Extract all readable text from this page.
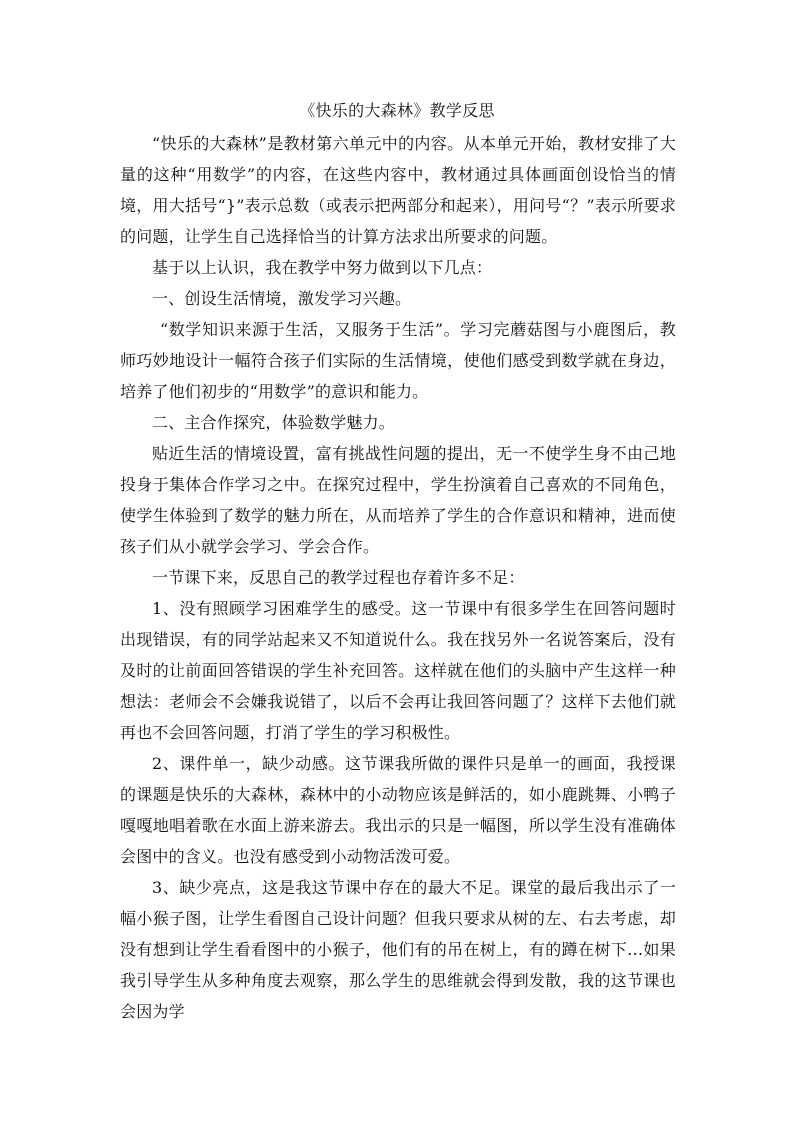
《快乐的大森林》教学反思

“快乐的大森林”是教材第六单元中的内容。从本单元开始，教材安排了大量的这种“用数学”的内容，在这些内容中，教材通过具体画面创设恰当的情境，用大括号“}”表示总数（或表示把两部分和起来），用问号“？”表示所要求的问题，让学生自己选择恰当的计算方法求出所要求的问题。

基于以上认识，我在教学中努力做到以下几点：

一、创设生活情境，激发学习兴趣。

“数学知识来源于生活，又服务于生活”。学习完蘑菇图与小鹿图后，教师巧妙地设计一幅符合孩子们实际的生活情境，使他们感受到数学就在身边，培养了他们初步的“用数学”的意识和能力。

二、主合作探究，体验数学魅力。

贴近生活的情境设置，富有挑战性问题的提出，无一不使学生身不由己地投身于集体合作学习之中。在探究过程中，学生扮演着自己喜欢的不同角色，使学生体验到了数学的魅力所在，从而培养了学生的合作意识和精神，进而使孩子们从小就学会学习、学会合作。

一节课下来，反思自己的教学过程也存着许多不足：

1、没有照顾学习困难学生的感受。这一节课中有很多学生在回答问题时出现错误，有的同学站起来又不知道说什么。我在找另外一名说答案后，没有及时的让前面回答错误的学生补充回答。这样就在他们的头脑中产生这样一种想法：老师会不会嫌我说错了，以后不会再让我回答问题了？这样下去他们就再也不会回答问题，打消了学生的学习积极性。

2、课件单一，缺少动感。这节课我所做的课件只是单一的画面，我授课的课题是快乐的大森林，森林中的小动物应该是鲜活的，如小鹿跳舞、小鸭子嘎嘎地唱着歌在水面上游来游去。我出示的只是一幅图，所以学生没有准确体会图中的含义。也没有感受到小动物活泼可爱。

3、缺少亮点，这是我这节课中存在的最大不足。课堂的最后我出示了一幅小猴子图，让学生看图自己设计问题？但我只要求从树的左、右去考虑，却没有想到让学生看看图中的小猴子，他们有的吊在树上，有的蹲在树下…如果我引导学生从多种角度去观察，那么学生的思维就会得到发散，我的这节课也会因为学
